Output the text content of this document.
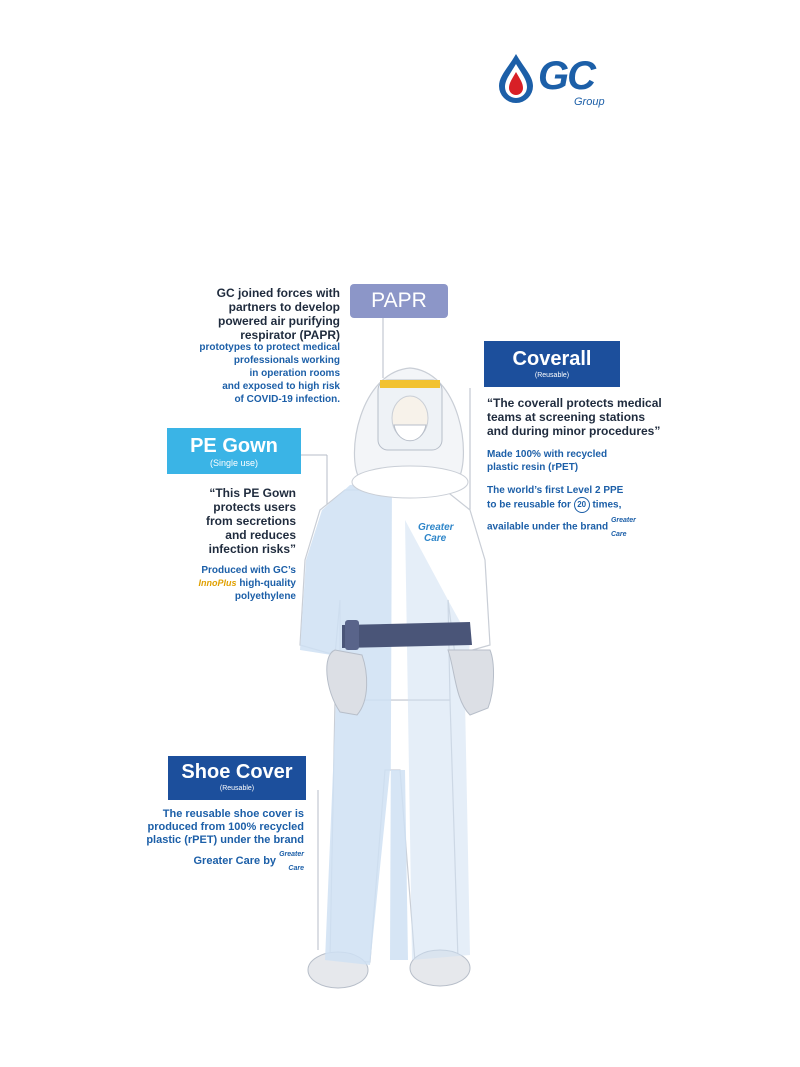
GC
Group
Greater
Care
PAPR
GC joined forces with
partners to develop
powered air purifying
respirator (PAPR)
prototypes to protect medical
professionals working
in operation rooms
and exposed to high risk
of COVID-19 infection.
Coverall
(Reusable)
“The coverall protects medical
teams at screening stations
and during minor procedures”
Made 100% with recycled
plastic resin (rPET)
The world’s first Level 2 PPE
to be reusable for 20 times,
available under the brand Greater
Care
PE Gown
(Single use)
“This PE Gown
protects users
from secretions
and reduces
infection risks”
Produced with GC’s
InnoPlus high-quality
polyethylene
Shoe Cover
(Reusable)
The reusable shoe cover is
produced from 100% recycled
plastic (rPET) under the brand
Greater Care by Greater
Care
